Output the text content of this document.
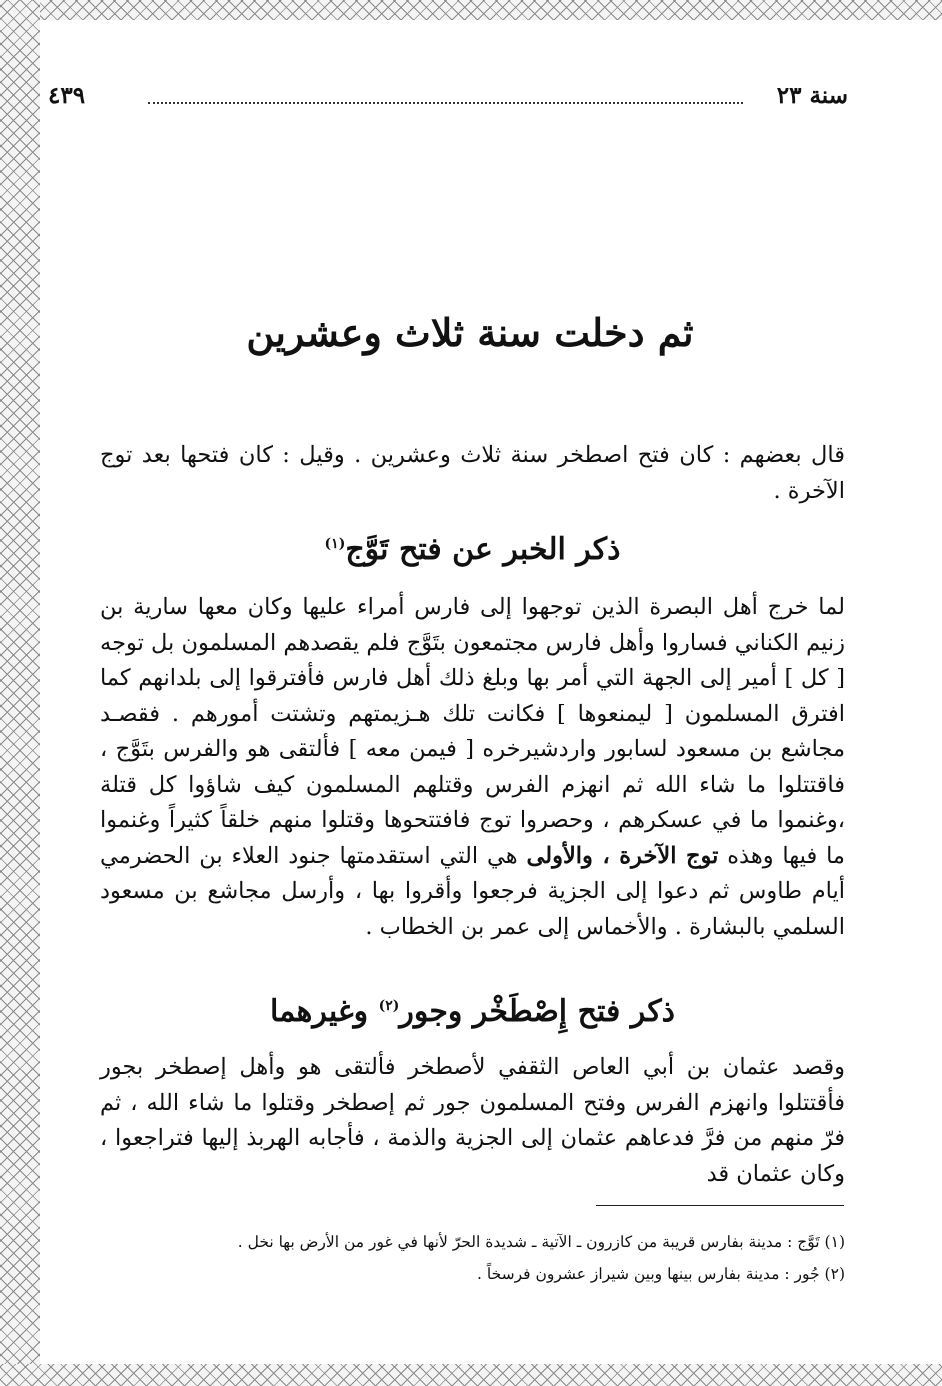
سنة ٢٣
٤٣٩
ثم دخلت سنة ثلاث وعشرين

قال بعضهم : كان فتح اصطخر سنة ثلاث وعشرين . وقيل : كان فتحها بعد توج الآخرة .

ذكر الخبر عن فتح تَوَّج$^{(١)}$

لما خرج أهل البصرة الذين توجهوا إلى فارس أمراء عليها وكان معها سارية بن زنيم الكناني فساروا وأهل فارس مجتمعون بتَوَّج فلم يقصدهم المسلمون بل توجه [ كل ] أمير إلى الجهة التي أمر بها وبلغ ذلك أهل فارس فأفترقوا إلى بلدانهم كما افترق المسلمون [ ليمنعوها ] فكانت تلك هـزيمتهم وتشتت أمورهم . فقصـد مجاشع بن مسعود لسابور واردشيرخره [ فيمن معه ] فألتقى هو والفرس بتَوَّج ، فاقتتلوا ما شاء الله ثم انهزم الفرس وقتلهم المسلمون كيف شاؤوا كل قتلة ،وغنموا ما في عسكرهم ، وحصروا توج فافتتحوها وقتلوا منهم خلقاً كثيراً وغنموا ما فيها وهذه توج الآخرة ، والأولى هي التي استقدمتها جنود العلاء بن الحضرمي أيام طاوس ثم دعوا إلى الجزية فرجعوا وأقروا بها ، وأرسل مجاشع بن مسعود السلمي بالبشارة . والأخماس إلى عمر بن الخطاب .

ذكر فتح إِصْطَخْر وجور$^{(٢)}$ وغيرهما

وقصد عثمان بن أبي العاص الثقفي لأصطخر فألتقى هو وأهل إصطخر بجور فأقتتلوا وانهزم الفرس وفتح المسلمون جور ثم إصطخر وقتلوا ما شاء الله ، ثم فرّ منهم من فرَّ فدعاهم عثمان إلى الجزية والذمة ، فأجابه الهربذ إليها فتراجعوا ، وكان عثمان قد

(١) تَوَّج : مدينة بفارس قريبة من كازرون ـ الآتية ـ شديدة الحرّ لأنها في غور من الأرض بها نخل .

(٢) جُور : مدينة بفارس بينها وبين شيراز عشرون فرسخاً .
